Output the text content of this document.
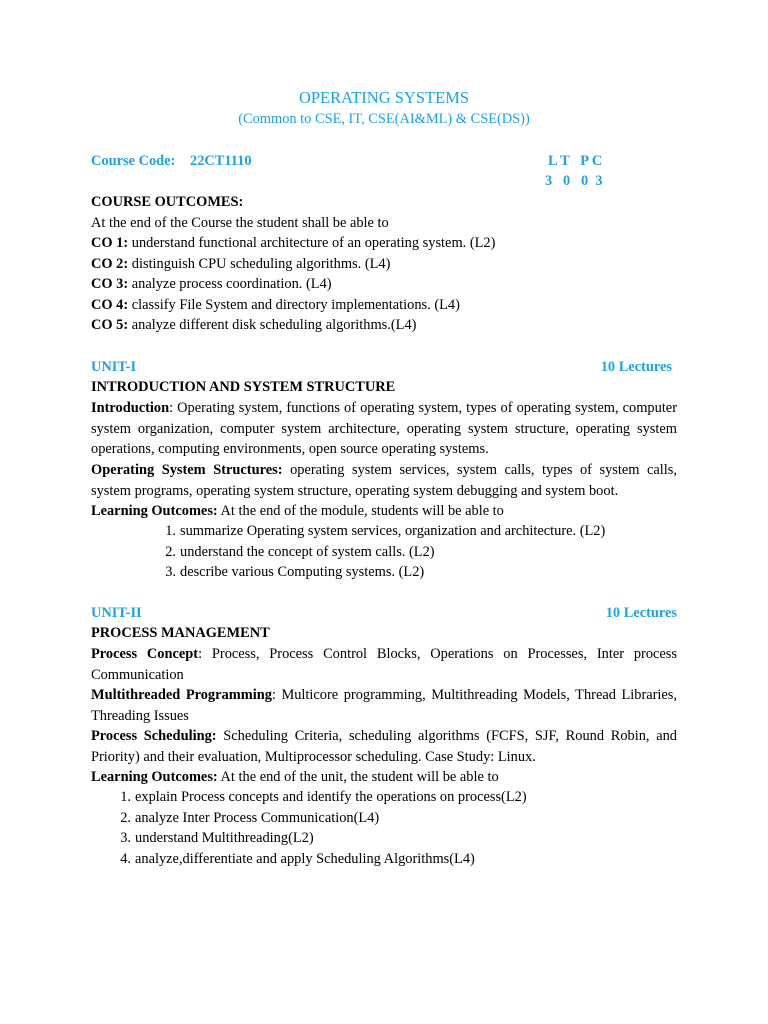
OPERATING SYSTEMS
(Common to CSE, IT, CSE(AI&ML) & CSE(DS))
Course Code: 22CT1110	L T   P C
3   0   0  3
COURSE OUTCOMES:
At the end of the Course the student shall be able to
CO 1: understand functional architecture of an operating system. (L2)
CO 2: distinguish CPU scheduling algorithms. (L4)
CO 3: analyze process coordination. (L4)
CO 4: classify File System and directory implementations. (L4)
CO 5: analyze different disk scheduling algorithms.(L4)
UNIT-I	10 Lectures
INTRODUCTION AND SYSTEM STRUCTURE
Introduction: Operating system, functions of operating system, types of operating system, computer system organization, computer system architecture, operating system structure, operating system operations, computing environments, open source operating systems.
Operating System Structures: operating system services, system calls, types of system calls, system programs, operating system structure, operating system debugging and system boot.
Learning Outcomes: At the end of the module, students will be able to
1. summarize Operating system services, organization and architecture. (L2)
2. understand the concept of system calls. (L2)
3. describe various Computing systems. (L2)
UNIT-II	10 Lectures
PROCESS MANAGEMENT
Process Concept: Process, Process Control Blocks, Operations on Processes, Inter process Communication
Multithreaded Programming: Multicore programming, Multithreading Models, Thread Libraries, Threading Issues
Process Scheduling: Scheduling Criteria, scheduling algorithms (FCFS, SJF, Round Robin, and Priority) and their evaluation, Multiprocessor scheduling. Case Study: Linux.
Learning Outcomes: At the end of the unit, the student will be able to
1. explain Process concepts and identify the operations on process(L2)
2. analyze Inter Process Communication(L4)
3. understand Multithreading(L2)
4. analyze,differentiate and apply Scheduling Algorithms(L4)
